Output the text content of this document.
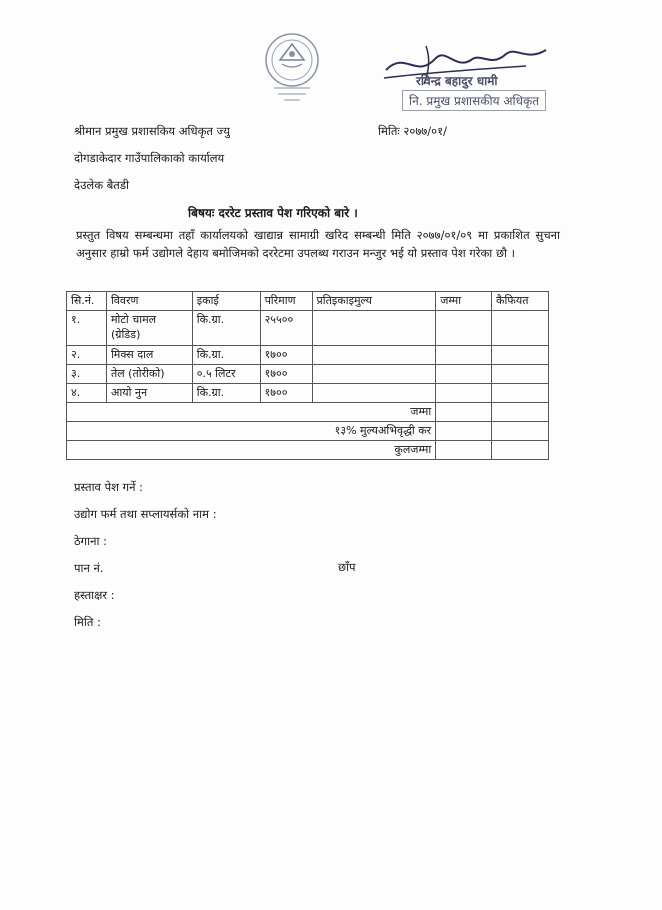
रविन्द्र बहादुर धामी
नि. प्रमुख प्रशासकीय अधिकृत
श्रीमान प्रमुख प्रशासकिय अधिकृत ज्यु	मितिः २०७७/०१/
दोगडाकेदार गाउँपालिकाको कार्यालय
देउलेक बैतडी
बिषयः दररेट प्रस्ताव पेश गरिएको बारे ।
प्रस्तुत विषय सम्बन्धमा तहाँ कार्यालयको खाद्यान्न सामाग्री खरिद सम्बन्धी मिति २०७७/०१/०९ मा प्रकाशित सुचना अनुसार हाम्रो फर्म उद्योगले देहाय बमोजिमको दररेटमा उपलब्ध गराउन मन्जुर भई यो प्रस्ताव पेश गरेका छौ ।
सि.नं.	विवरण	इकाई	परिमाण	प्रतिइकाइमुल्य	जम्मा	कैफियत
१.	मोटो चामल (ग्रेडिड)	कि.ग्रा.	२५५००			
२.	मिक्स दाल	कि.ग्रा.	१७००			
३.	तेल (तोरीको)	०.५ लिटर	१७००			
४.	आयो नुन	कि.ग्रा.	१७००			
जम्मा						
१३% मुल्यअभिवृद्धी कर						
कुलजम्मा						
प्रस्ताव पेश गर्ने :
उद्योग फर्म तथा सप्लायर्सको नाम :
ठेगाना :
पान नं.	छाँप
हस्ताक्षर :
मिति :
